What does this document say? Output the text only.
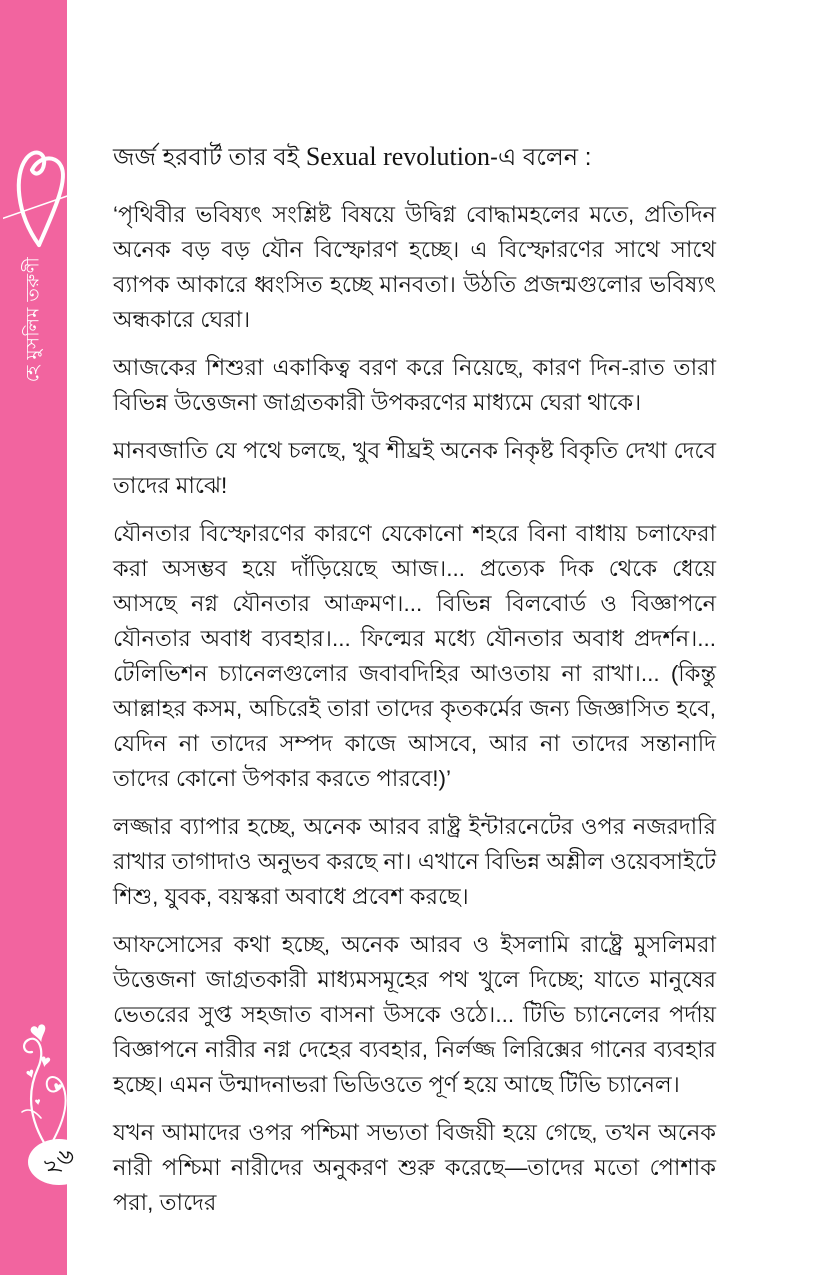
হে মুসলিম তরুণী
♥
♥
♥
♥
♥
২৬
জর্জ হরবার্ট তার বই Sexual revolution-এ বলেন :

‘পৃথিবীর ভবিষ্যৎ সংশ্লিষ্ট বিষয়ে উদ্বিগ্ন বোদ্ধামহলের মতে, প্রতিদিন অনেক বড় বড় যৌন বিস্ফোরণ হচ্ছে। এ বিস্ফোরণের সাথে সাথে ব্যাপক আকারে ধ্বংসিত হচ্ছে মানবতা। উঠতি প্রজন্মগুলোর ভবিষ্যৎ অন্ধকারে ঘেরা।

আজকের শিশুরা একাকিত্ব বরণ করে নিয়েছে, কারণ দিন-রাত তারা বিভিন্ন উত্তেজনা জাগ্রতকারী উপকরণের মাধ্যমে ঘেরা থাকে।

মানবজাতি যে পথে চলছে, খুব শীঘ্রই অনেক নিকৃষ্ট বিকৃতি দেখা দেবে তাদের মাঝে!

যৌনতার বিস্ফোরণের কারণে যেকোনো শহরে বিনা বাধায় চলাফেরা করা অসম্ভব হয়ে দাঁড়িয়েছে আজ।... প্রত্যেক দিক থেকে ধেয়ে আসছে নগ্ন যৌনতার আক্রমণ।... বিভিন্ন বিলবোর্ড ও বিজ্ঞাপনে যৌনতার অবাধ ব্যবহার।... ফিল্মের মধ্যে যৌনতার অবাধ প্রদর্শন।... টেলিভিশন চ্যানেলগুলোর জবাবদিহির আওতায় না রাখা।... (কিন্তু আল্লাহর কসম, অচিরেই তারা তাদের কৃতকর্মের জন্য জিজ্ঞাসিত হবে, যেদিন না তাদের সম্পদ কাজে আসবে, আর না তাদের সন্তানাদি তাদের কোনো উপকার করতে পারবে!)’

লজ্জার ব্যাপার হচ্ছে, অনেক আরব রাষ্ট্র ইন্টারনেটের ওপর নজরদারি রাখার তাগাদাও অনুভব করছে না। এখানে বিভিন্ন অশ্লীল ওয়েবসাইটে শিশু, যুবক, বয়স্করা অবাধে প্রবেশ করছে।

আফসোসের কথা হচ্ছে, অনেক আরব ও ইসলামি রাষ্ট্রে মুসলিমরা উত্তেজনা জাগ্রতকারী মাধ্যমসমূহের পথ খুলে দিচ্ছে; যাতে মানুষের ভেতরের সুপ্ত সহজাত বাসনা উসকে ওঠে।... টিভি চ্যানেলের পর্দায় বিজ্ঞাপনে নারীর নগ্ন দেহের ব্যবহার, নির্লজ্জ লিরিক্সের গানের ব্যবহার হচ্ছে। এমন উন্মাদনাভরা ভিডিওতে পূর্ণ হয়ে আছে টিভি চ্যানেল।

যখন আমাদের ওপর পশ্চিমা সভ্যতা বিজয়ী হয়ে গেছে, তখন অনেক নারী পশ্চিমা নারীদের অনুকরণ শুরু করেছে—তাদের মতো পোশাক পরা, তাদের
